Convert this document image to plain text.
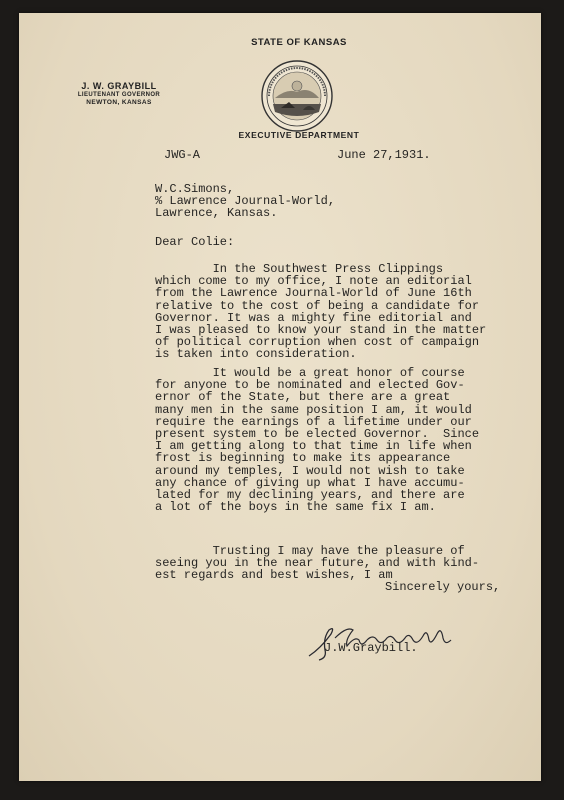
STATE OF KANSAS
EXECUTIVE DEPARTMENT
J. W. GRAYBILL
LIEUTENANT GOVERNOR
NEWTON, KANSAS
JWG-A	June 27,1931.
W.C.Simons,
% Lawrence Journal-World,
Lawrence, Kansas.
Dear Colie:
In the Southwest Press Clippings
which come to my office, I note an editorial
from the Lawrence Journal-World of June 16th
relative to the cost of being a candidate for
Governor. It was a mighty fine editorial and
I was pleased to know your stand in the matter
of political corruption when cost of campaign
is taken into consideration.
It would be a great honor of course
for anyone to be nominated and elected Gov-
ernor of the State, but there are a great
many men in the same position I am, it would
require the earnings of a lifetime under our
present system to be elected Governor.  Since
I am getting along to that time in life when
frost is beginning to make its appearance
around my temples, I would not wish to take
any chance of giving up what I have accumu-
lated for my declining years, and there are
a lot of the boys in the same fix I am.
Trusting I may have the pleasure of
seeing you in the near future, and with kind-
est regards and best wishes, I am
Sincerely yours,
J.W.Graybill.
